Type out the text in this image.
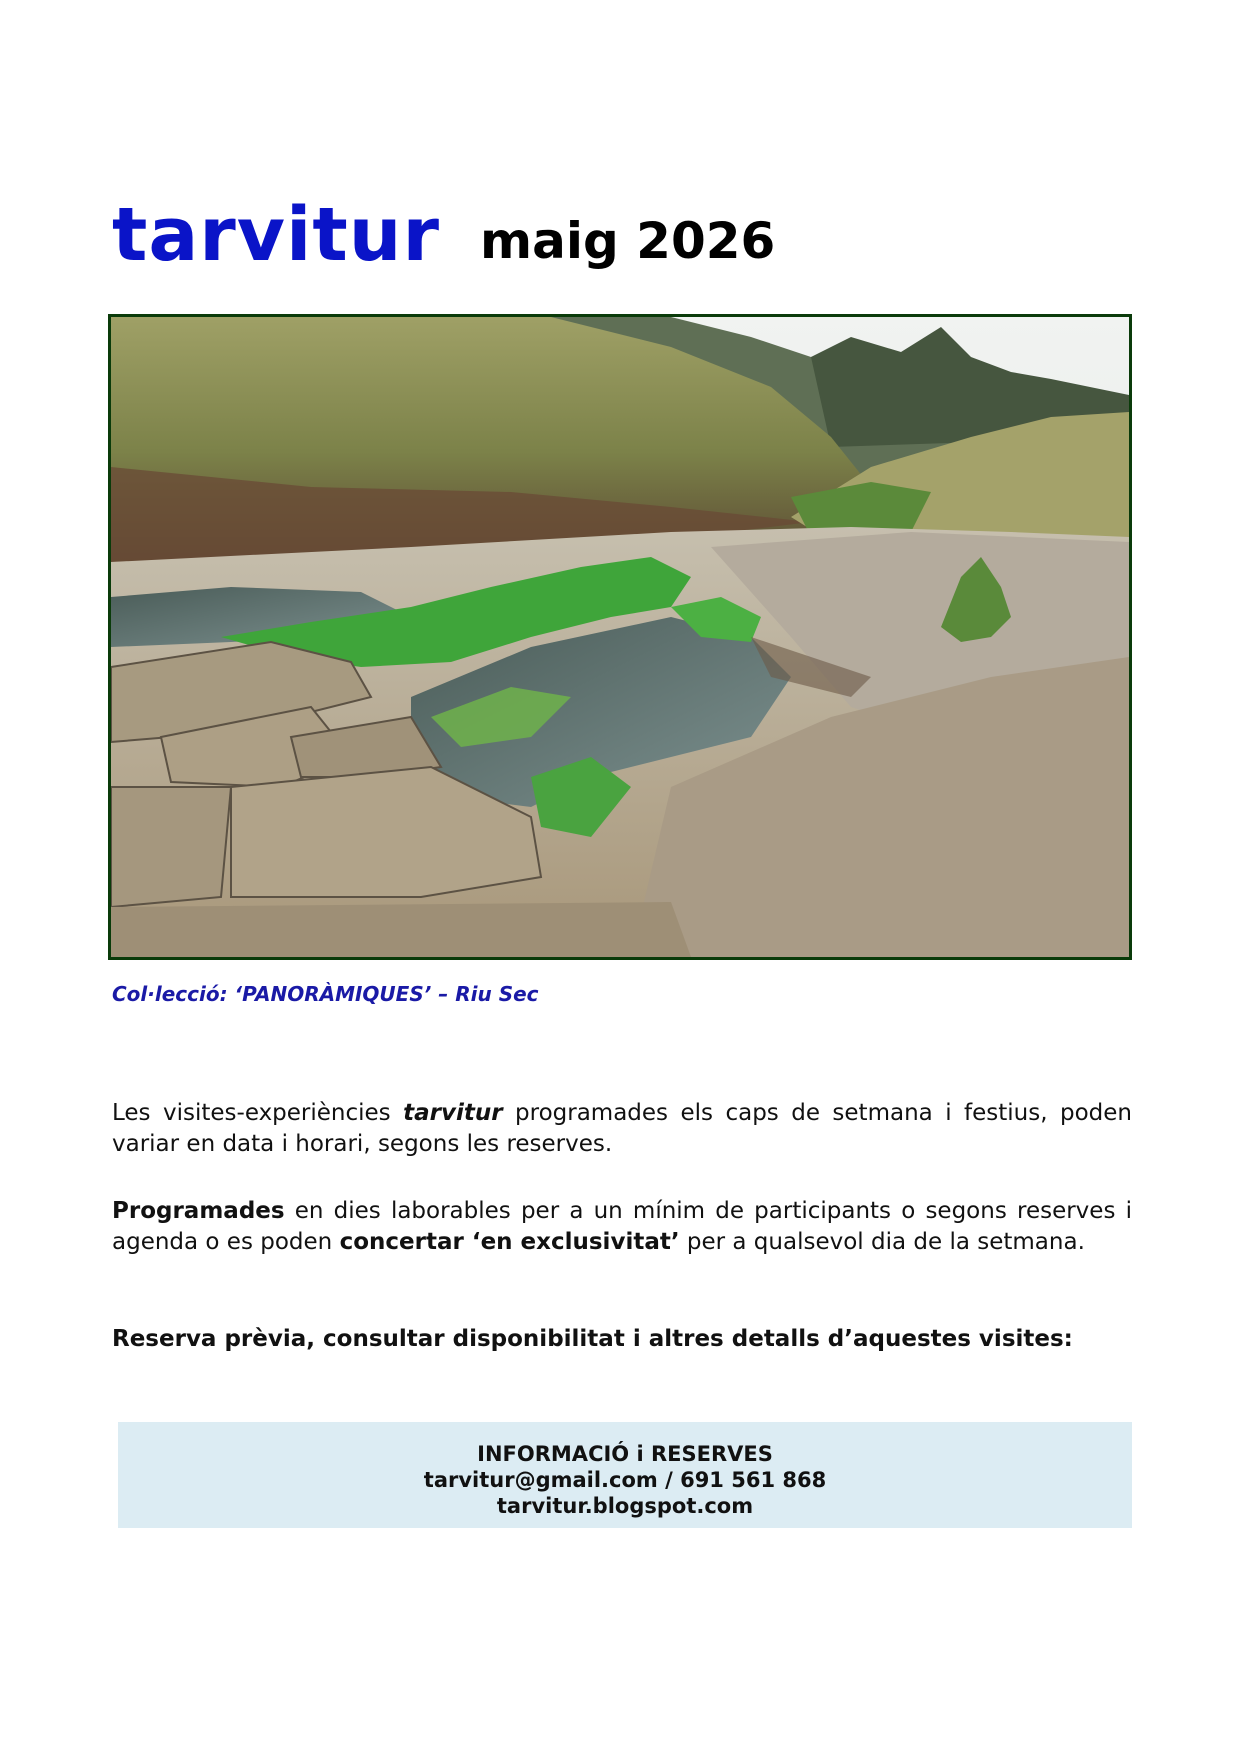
tarvitur maig 2026
Col·lecció: ‘PANORÀMIQUES’ – Riu Sec
Les visites-experiències tarvitur programades els caps de setmana i festius, poden variar en data i horari, segons les reserves.
Programades en dies laborables per a un mínim de participants o segons reserves i agenda o es poden concertar ‘en exclusivitat’ per a qualsevol dia de la setmana.
Reserva prèvia, consultar disponibilitat i altres detalls d’aquestes visites:
INFORMACIÓ i RESERVES
tarvitur@gmail.com / 691 561 868
tarvitur.blogspot.com
